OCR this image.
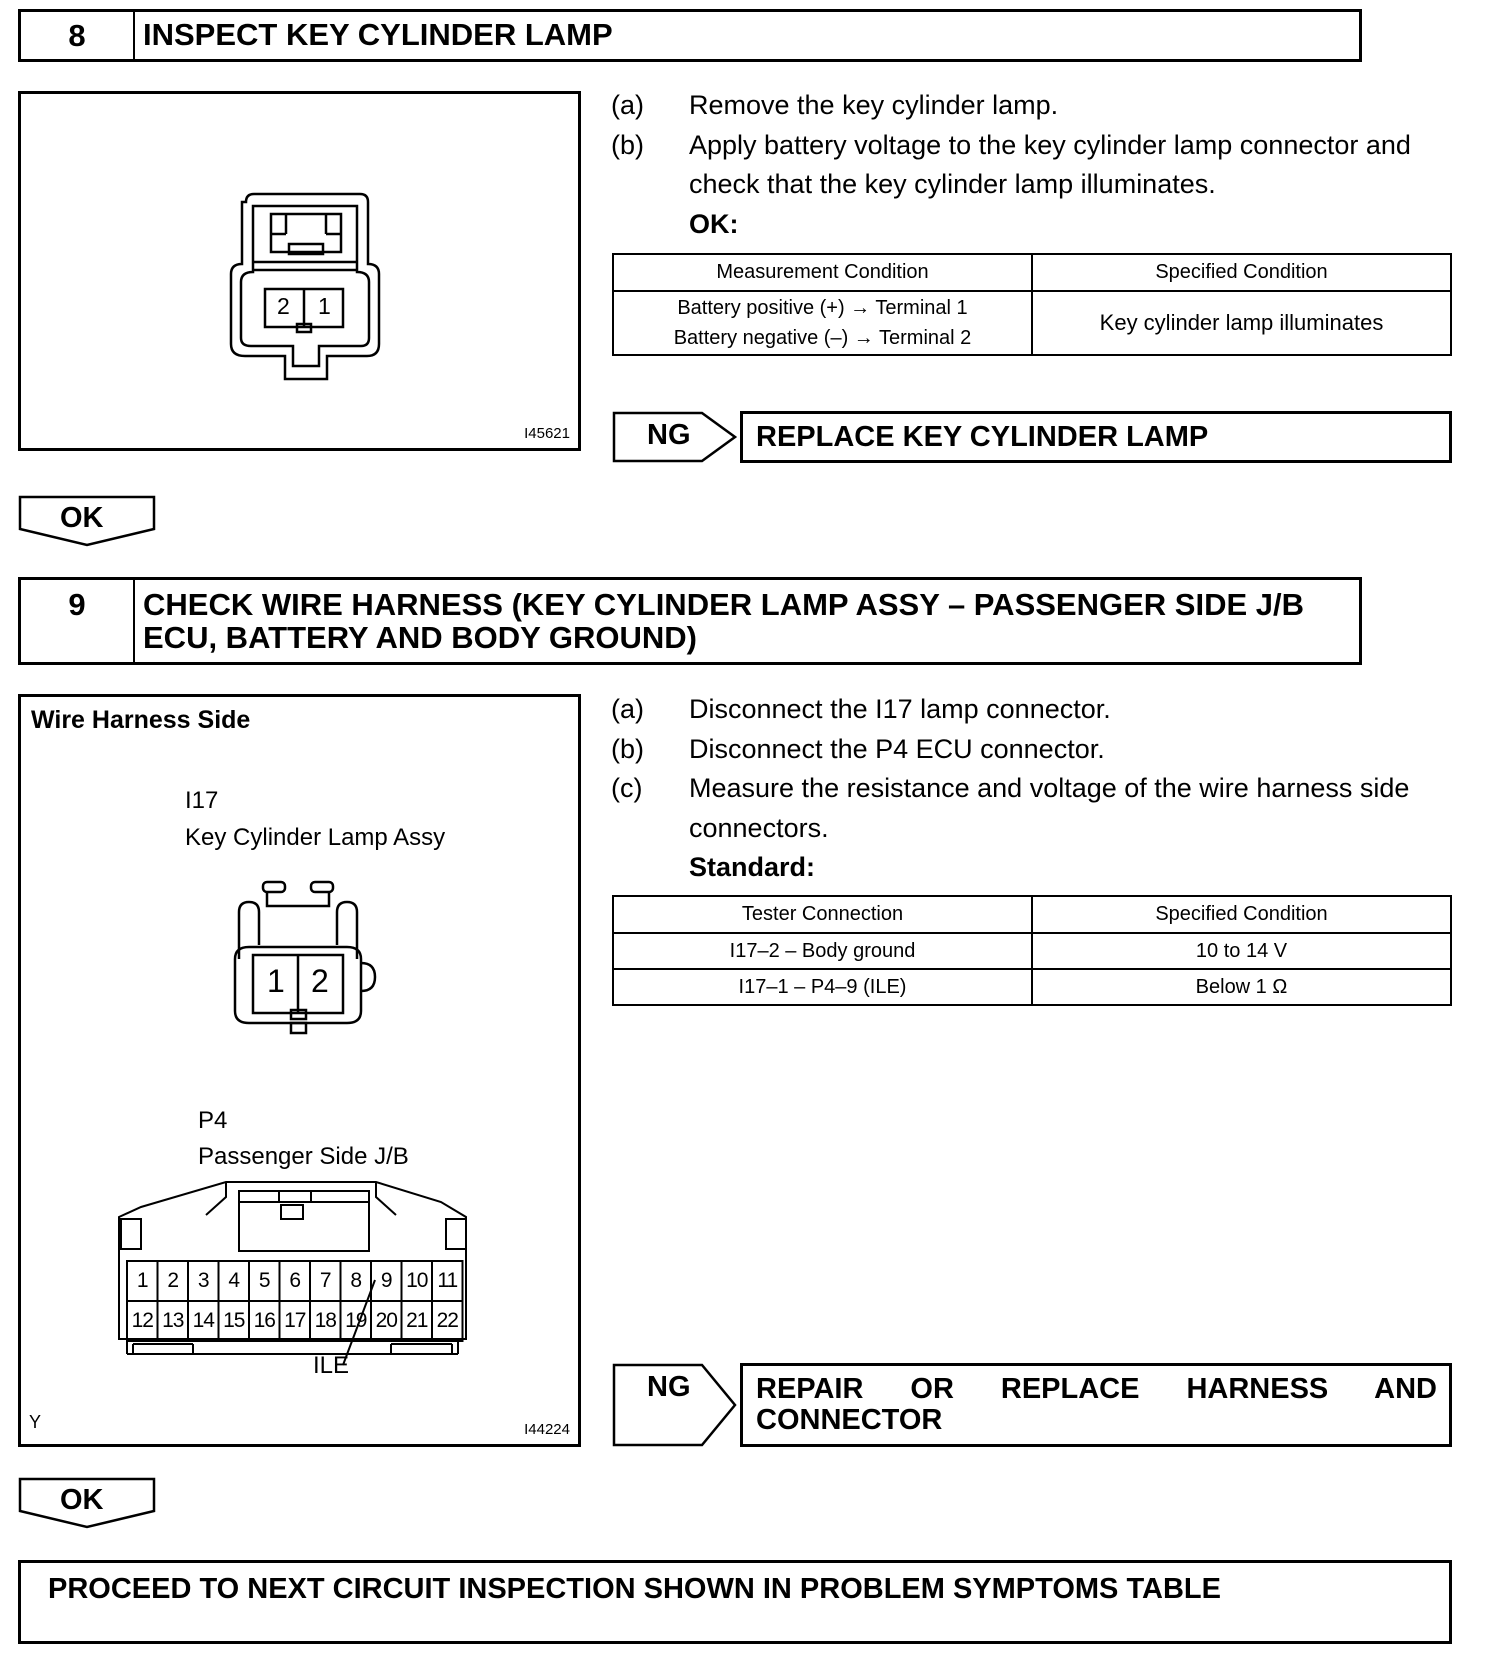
8	INSPECT KEY CYLINDER LAMP
2 1
I45621
(a) Remove the key cylinder lamp.
(b) Apply battery voltage to the key cylinder lamp connector and check that the key cylinder lamp illuminates.
OK:
Measurement Condition	Specified Condition

Battery positive (+) → Terminal 1
Battery negative (–) → Terminal 2	Key cylinder lamp illuminates
NG REPLACE KEY CYLINDER LAMP
OK
9	CHECK WIRE HARNESS (KEY CYLINDER LAMP ASSY – PASSENGER SIDE J/B
ECU, BATTERY AND BODY GROUND)
Wire Harness Side
I17
Key Cylinder Lamp Assy
1 2
P4
Passenger Side J/B
1 2 3 4 5 6 7 8 9 10 11
12 13 14 15 16 17 18 19 20 21 22
ILE
Y	I44224
(a) Disconnect the I17 lamp connector.
(b) Disconnect the P4 ECU connector.
(c) Measure the resistance and voltage of the wire harness side connectors.
Standard:
Tester Connection	Specified Condition
I17–2 – Body ground	10 to 14 V
I17–1 – P4–9 (ILE)	Below 1 Ω
NG REPAIR OR REPLACE HARNESS AND
CONNECTOR
OK
PROCEED TO NEXT CIRCUIT INSPECTION SHOWN IN PROBLEM SYMPTOMS TABLE
